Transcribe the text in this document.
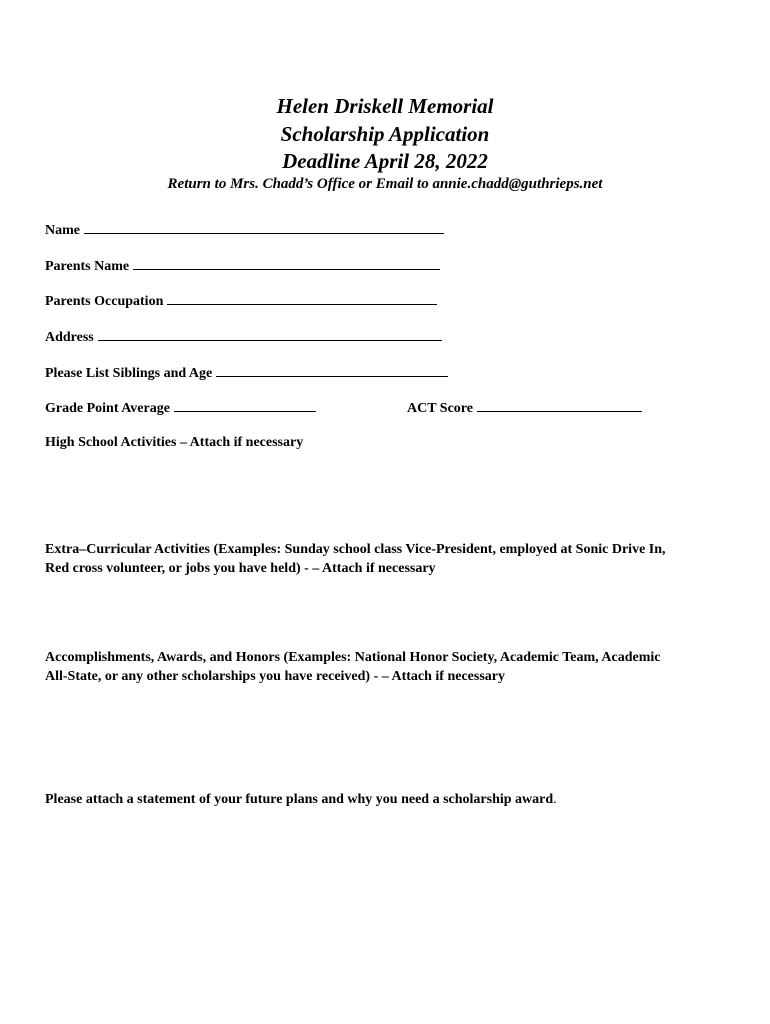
Helen Driskell Memorial
Scholarship Application
Deadline April 28, 2022
Return to Mrs. Chadd’s Office or Email to annie.chadd@guthrieps.net
Name
Parents Name
Parents Occupation
Address
Please List Siblings and Age
Grade Point Average	ACT Score
High School Activities – Attach if necessary
Extra–Curricular Activities (Examples: Sunday school class Vice-President, employed at Sonic Drive In,
Red cross volunteer, or jobs you have held) - – Attach if necessary
Accomplishments, Awards, and Honors (Examples: National Honor Society, Academic Team, Academic
All-State, or any other scholarships you have received) - – Attach if necessary
Please attach a statement of your future plans and why you need a scholarship award.
